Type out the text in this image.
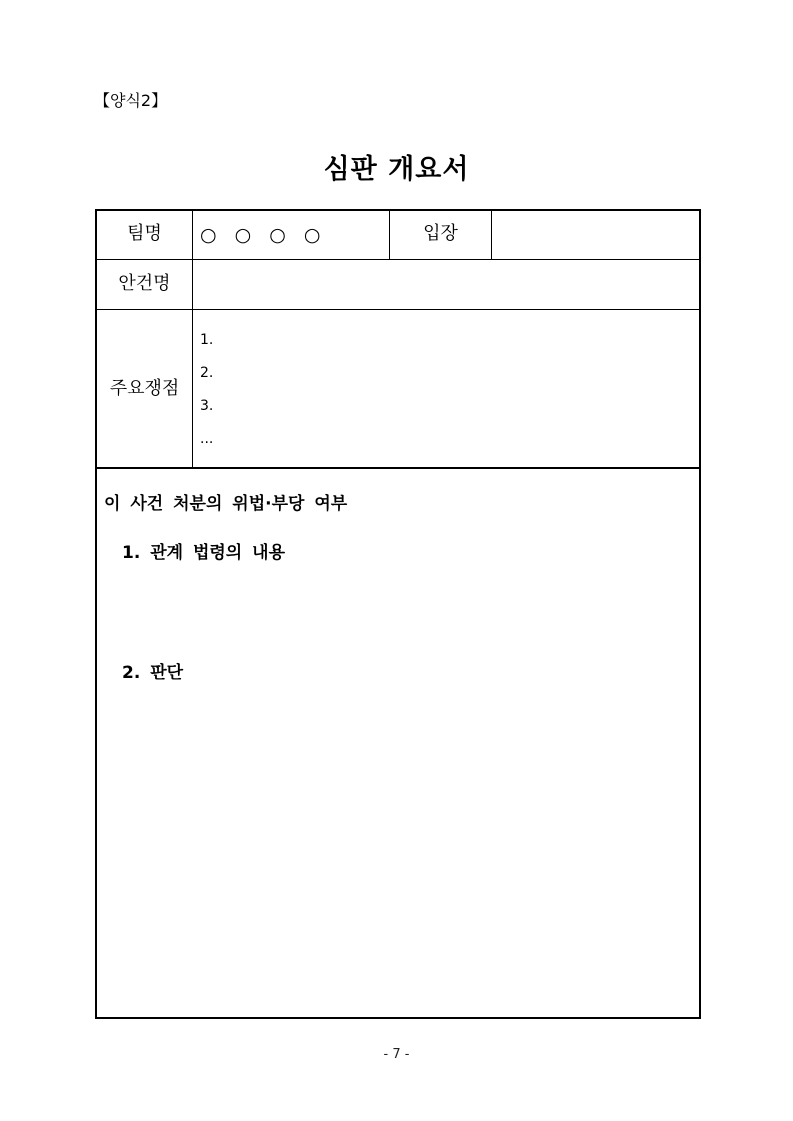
【양식2】
심판 개요서
팀명	○ ○ ○ ○	입장
안건명
주요쟁점
1.
2.
3.
...
이 사건 처분의 위법·부당 여부
1. 관계 법령의 내용
2. 판단
- 7 -
